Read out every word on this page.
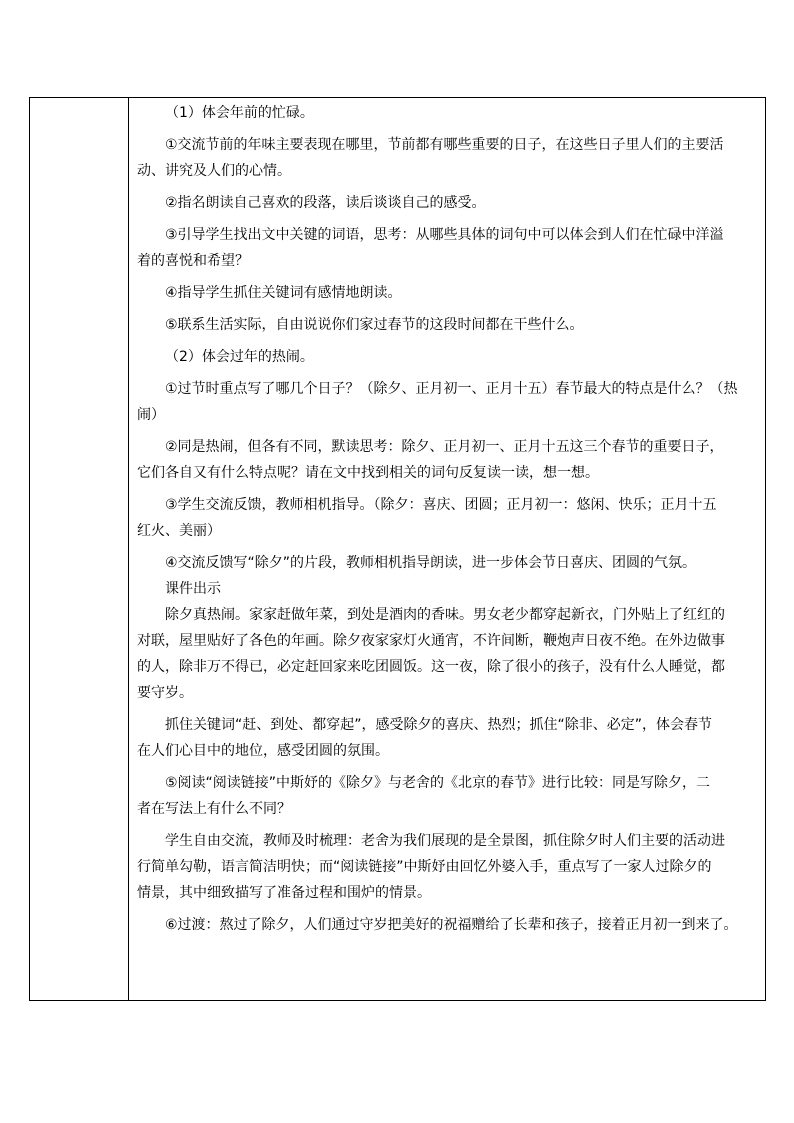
（1）体会年前的忙碌。
①交流节前的年味主要表现在哪里，节前都有哪些重要的日子，在这些日子里人们的主要活
动、讲究及人们的心情。
②指名朗读自己喜欢的段落，读后谈谈自己的感受。
③引导学生找出文中关键的词语，思考：从哪些具体的词句中可以体会到人们在忙碌中洋溢
着的喜悦和希望？
④指导学生抓住关键词有感情地朗读。
⑤联系生活实际，自由说说你们家过春节的这段时间都在干些什么。
（2）体会过年的热闹。
①过节时重点写了哪几个日子？（除夕、正月初一、正月十五）春节最大的特点是什么？（热
闹）
②同是热闹，但各有不同，默读思考：除夕、正月初一、正月十五这三个春节的重要日子，
它们各自又有什么特点呢？请在文中找到相关的词句反复读一读，想一想。
③学生交流反馈，教师相机指导。（除夕：喜庆、团圆；正月初一：悠闲、快乐；正月十五
红火、美丽）
④交流反馈写“除夕”的片段，教师相机指导朗读，进一步体会节日喜庆、团圆的气氛。
课件出示
除夕真热闹。家家赶做年菜，到处是酒肉的香味。男女老少都穿起新衣，门外贴上了红红的
对联，屋里贴好了各色的年画。除夕夜家家灯火通宵，不许间断，鞭炮声日夜不绝。在外边做事
的人，除非万不得已，必定赶回家来吃团圆饭。这一夜，除了很小的孩子，没有什么人睡觉，都
要守岁。
抓住关键词“赶、到处、都穿起”，感受除夕的喜庆、热烈；抓住“除非、必定”，体会春节
在人们心目中的地位，感受团圆的氛围。
⑤阅读“阅读链接”中斯妤的《除夕》与老舍的《北京的春节》进行比较：同是写除夕，二
者在写法上有什么不同？
学生自由交流，教师及时梳理：老舍为我们展现的是全景图，抓住除夕时人们主要的活动进
行简单勾勒，语言简洁明快；而“阅读链接”中斯妤由回忆外婆入手，重点写了一家人过除夕的
情景，其中细致描写了准备过程和围炉的情景。
⑥过渡：熬过了除夕，人们通过守岁把美好的祝福赠给了长辈和孩子，接着正月初一到来了。
